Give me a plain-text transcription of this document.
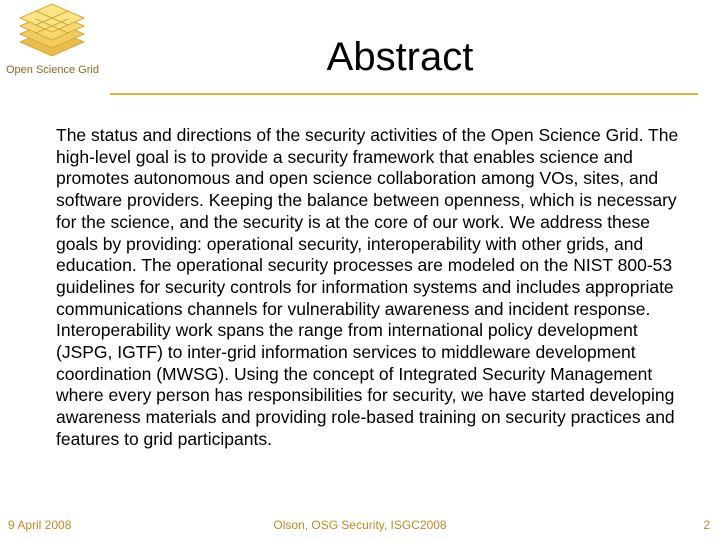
Open Science Grid	Abstract
The status and directions of the security activities of the Open Science Grid. The high-level goal is to provide a security framework that enables science and promotes autonomous and open science collaboration among VOs, sites, and software providers. Keeping the balance between openness, which is necessary for the science, and the security is at the core of our work. We address these goals by providing: operational security, interoperability with other grids, and education. The operational security processes are modeled on the NIST 800-53 guidelines for security controls for information systems and includes appropriate communications channels for vulnerability awareness and incident response. Interoperability work spans the range from international policy development (JSPG, IGTF) to inter-grid information services to middleware development coordination (MWSG). Using the concept of Integrated Security Management where every person has responsibilities for security, we have started developing awareness materials and providing role-based training on security practices and features to grid participants.
9 April 2008	Olson, OSG Security, ISGC2008	2
